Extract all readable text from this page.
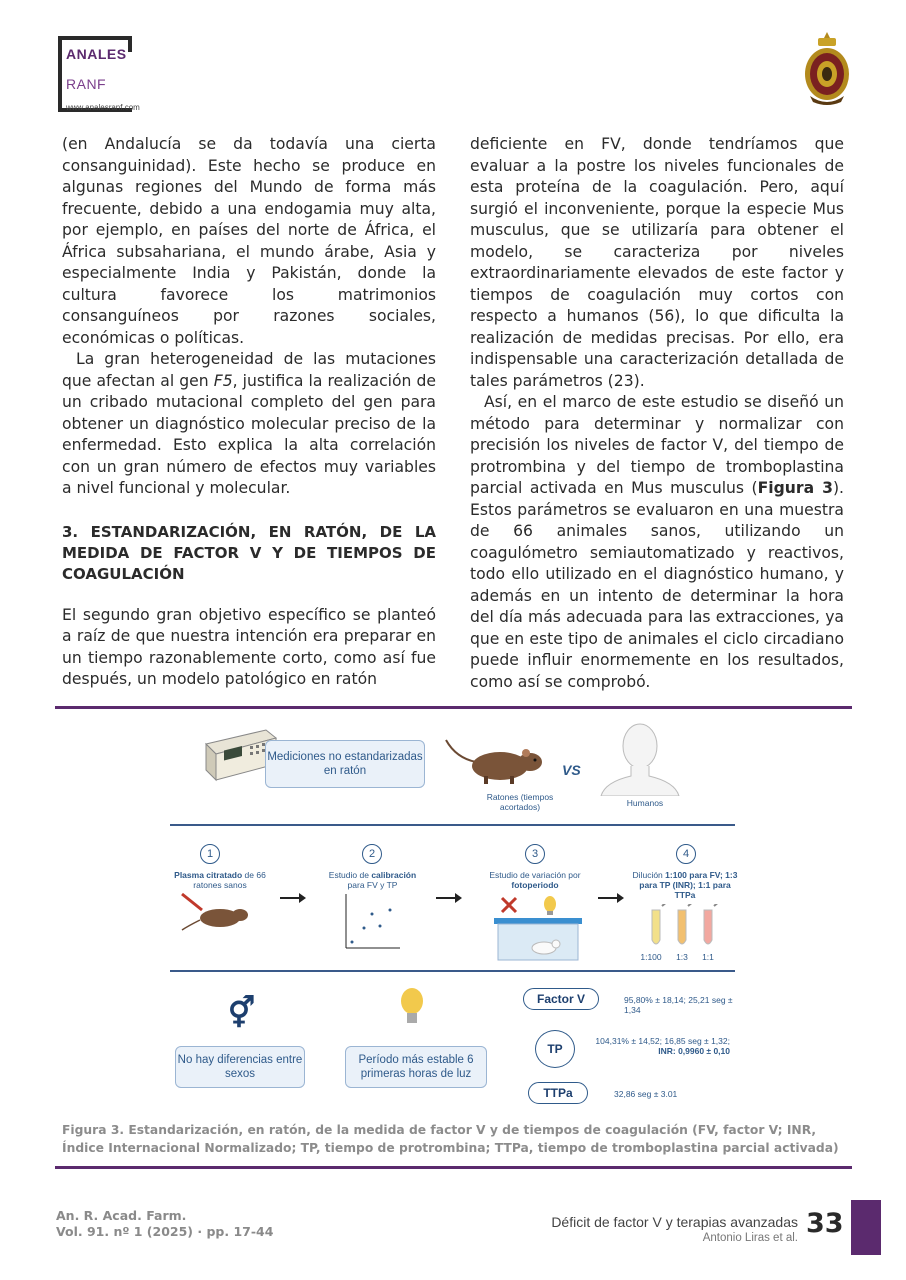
ANALES
RANF
www.analesranf.com

(en Andalucía se da todavía una cierta consanguinidad). Este hecho se produce en algunas regiones del Mundo de forma más frecuente, debido a una endogamia muy alta, por ejemplo, en países del norte de África, el África subsahariana, el mundo árabe, Asia y especialmente India y Pakistán, donde la cultura favorece los matrimonios consanguíneos por razones sociales, económicas o políticas.

La gran heterogeneidad de las mutaciones que afectan al gen F5, justifica la realización de un cribado mutacional completo del gen para obtener un diagnóstico molecular preciso de la enfermedad. Esto explica la alta correlación con un gran número de efectos muy variables a nivel funcional y molecular.

3. ESTANDARIZACIÓN, EN RATÓN, DE LA MEDIDA DE FACTOR V Y DE TIEMPOS DE COAGULACIÓN

El segundo gran objetivo específico se planteó a raíz de que nuestra intención era preparar en un tiempo razonablemente corto, como así fue después, un modelo patológico en ratón

deficiente en FV, donde tendríamos que evaluar a la postre los niveles funcionales de esta proteína de la coagulación. Pero, aquí surgió el inconveniente, porque la especie Mus musculus, que se utilizaría para obtener el modelo, se caracteriza por niveles extraordinariamente elevados de este factor y tiempos de coagulación muy cortos con respecto a humanos (56), lo que dificulta la realización de medidas precisas. Por ello, era indispensable una caracterización detallada de tales parámetros (23).

Así, en el marco de este estudio se diseñó un método para determinar y normalizar con precisión los niveles de factor V, del tiempo de protrombina y del tiempo de tromboplastina parcial activada en Mus musculus (Figura 3). Estos parámetros se evaluaron en una muestra de 66 animales sanos, utilizando un coagulómetro semiautomatizado y reactivos, todo ello utilizado en el diagnóstico humano, y además en un intento de determinar la hora del día más adecuada para las extracciones, ya que en este tipo de animales el ciclo circadiano puede influir enormemente en los resultados, como así se comprobó.

Mediciones no estandarizadas en ratón	VS
Ratones (tiempos acortados)	Humanos
1
Plasma citratado de 66 ratones sanos
2
Estudio de calibración para FV y TP
3
Estudio de variación por fotoperiodo
4
Dilución 1:100 para FV; 1:3 para TP (INR); 1:1 para TTPa
1:100 1:3 1:1
⚥
No hay diferencias entre sexos
Período más estable 6 primeras horas de luz
Factor V	95,80% ± 18,14; 25,21 seg ± 1,34
TP
104,31% ± 14,52; 16,85 seg ± 1,32;
INR: 0,9960 ± 0,10
TTPa	32,86 seg ± 3.01
Figura 3. Estandarización, en ratón, de la medida de factor V y de tiempos de coagulación (FV, factor V; INR, Índice Internacional Normalizado; TP, tiempo de protrombina; TTPa, tiempo de tromboplastina parcial activada)
An. R. Acad. Farm.
Vol. 91. nº 1 (2025) · pp. 17-44
Déficit de factor V y terapias avanzadas
Antonio Liras et al. 33
